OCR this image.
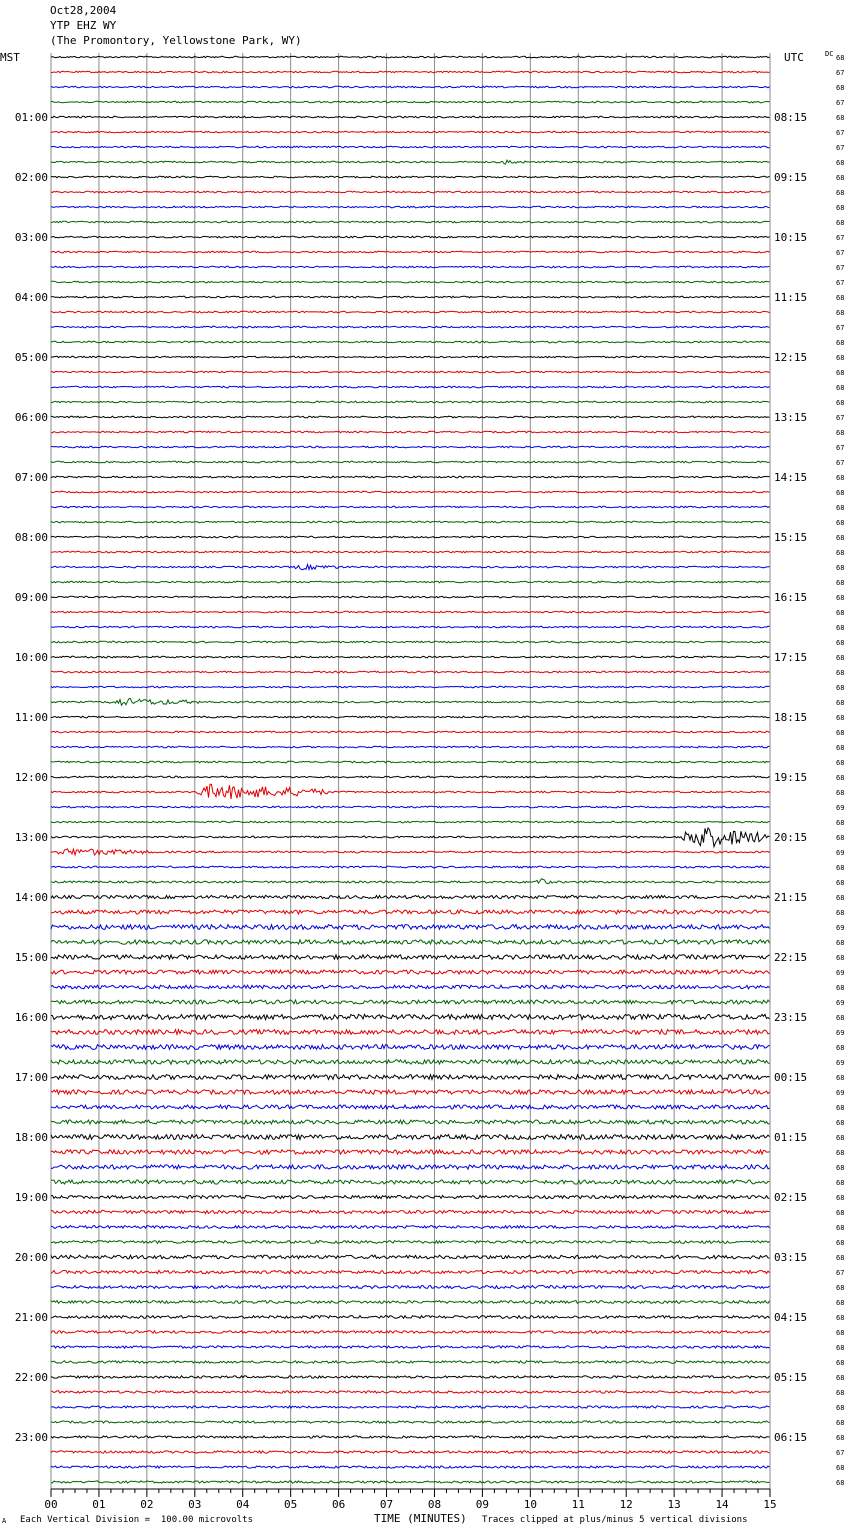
Oct28,2004
YTP EHZ WY
(The Promontory, Yellowstone Park, WY)
MST	UTC	DC
00	01	02	03	04	05	06	07	08	09	10	11	12	13	14	15
01:00
02:00
03:00
04:00
05:00
06:00
07:00
08:00
09:00
10:00
11:00
12:00
13:00
14:00
15:00
16:00
17:00
18:00
19:00
20:00
21:00
22:00
23:00
08:15
09:15
10:15
11:15
12:15
13:15
14:15
15:15
16:15
17:15
18:15
19:15
20:15
21:15
22:15
23:15
00:15
01:15
02:15
03:15
04:15
05:15
06:15
68
67
68
67
68
67
67
68
68
68
68
68
67
67
67
67
68
68
67
68
68
68
68
68
67
68
67
67
68
68
68
68
68
68
68
68
68
68
68
68
68
68
68
68
68
68
68
68
68
68
69
68
68
69
68
68
68
68
69
68
68
69
68
69
68
69
68
69
68
69
68
68
68
68
68
68
68
68
68
68
68
67
68
68
68
68
68
68
68
68
68
68
68
67
68
68
TIME (MINUTES)
A Each Vertical Division =  100.00 microvolts	Traces clipped at plus/minus 5 vertical divisions
